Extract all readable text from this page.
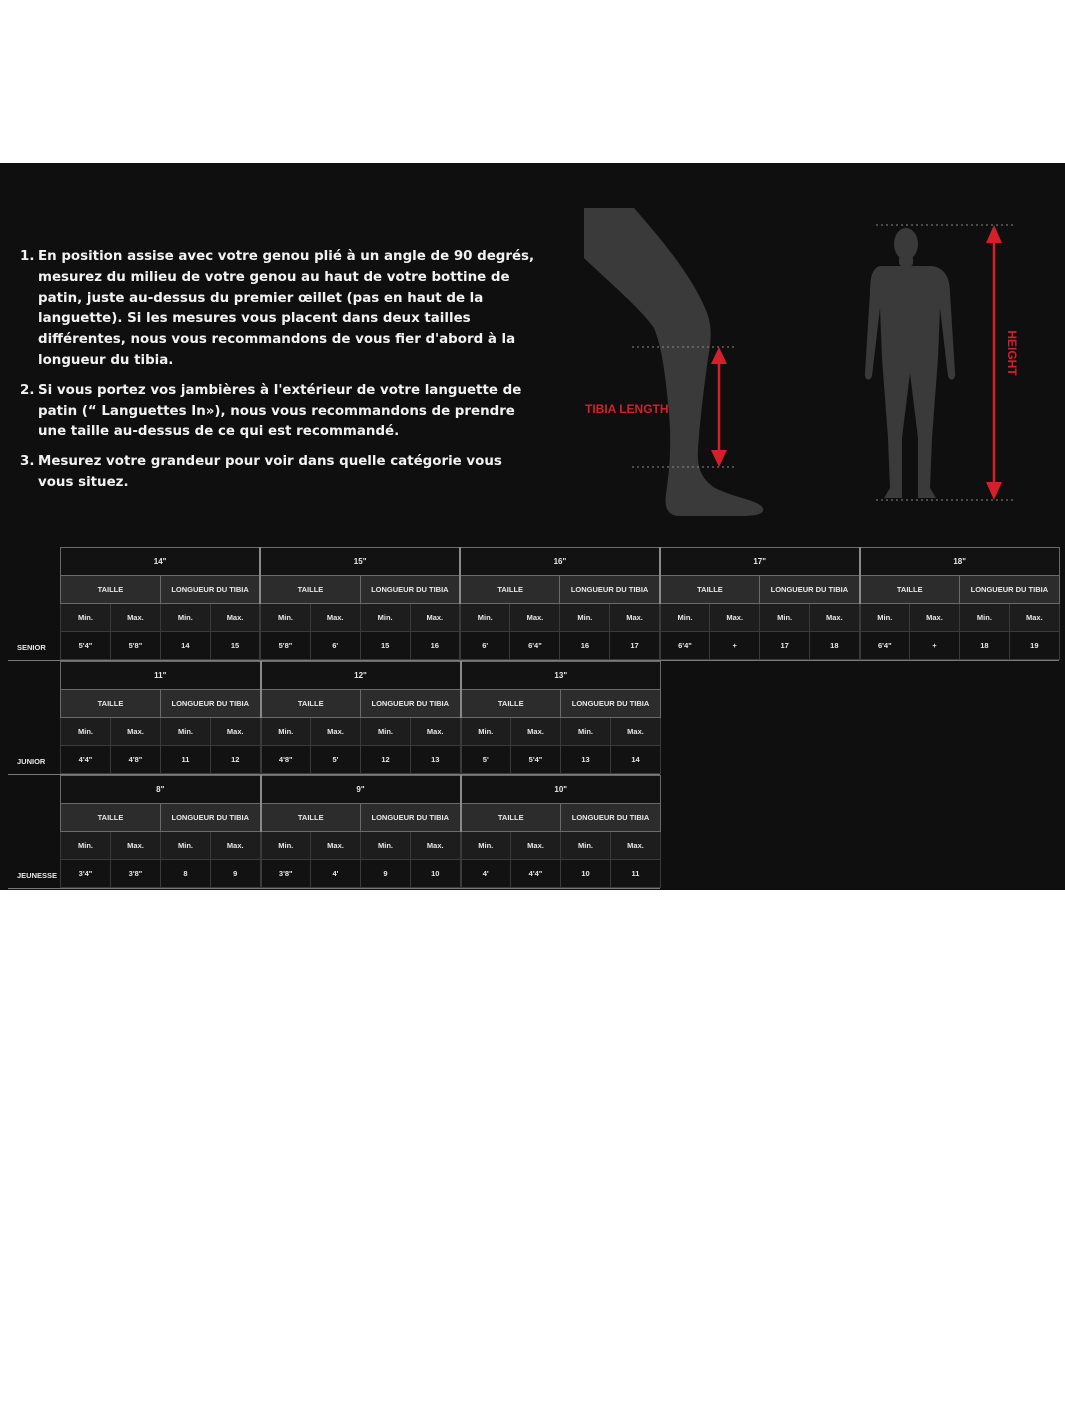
1. En position assise avec votre genou plié à un angle de 90 degrés, mesurez du milieu de votre genou au haut de votre bottine de patin, juste au-dessus du premier œillet (pas en haut de la languette). Si les mesures vous placent dans deux tailles différentes, nous vous recommandons de vous fier d'abord à la longueur du tibia.
2. Si vous portez vos jambières à l'extérieur de votre languette de patin (“ Languettes In»), nous vous recommandons de prendre une taille au-dessus de ce qui est recommandé.
3. Mesurez votre grandeur pour voir dans quelle catégorie vous vous situez.
TIBIA LENGTH
HEIGHT
14"				15"				16"				17"				18"			
TAILLE		LONGUEUR DU TIBIA		TAILLE		LONGUEUR DU TIBIA		TAILLE		LONGUEUR DU TIBIA		TAILLE		LONGUEUR DU TIBIA		TAILLE		LONGUEUR DU TIBIA	
Min.	Max.	Min.	Max.	Min.	Max.	Min.	Max.	Min.	Max.	Min.	Max.	Min.	Max.	Min.	Max.	Min.	Max.	Min.	Max.
5'4"	5'8"	14	15	5'8"	6'	15	16	6'	6'4"	16	17	6'4"	+	17	18	6'4"	+	18	19
SENIOR
11"				12"				13"			
TAILLE		LONGUEUR DU TIBIA		TAILLE		LONGUEUR DU TIBIA		TAILLE		LONGUEUR DU TIBIA	
Min.	Max.	Min.	Max.	Min.	Max.	Min.	Max.	Min.	Max.	Min.	Max.
4'4"	4'8"	11	12	4'8"	5'	12	13	5'	5'4"	13	14
JUNIOR
8"				9"				10"			
TAILLE		LONGUEUR DU TIBIA		TAILLE		LONGUEUR DU TIBIA		TAILLE		LONGUEUR DU TIBIA	
Min.	Max.	Min.	Max.	Min.	Max.	Min.	Max.	Min.	Max.	Min.	Max.
3'4"	3'8"	8	9	3'8"	4'	9	10	4'	4'4"	10	11
JEUNESSE
